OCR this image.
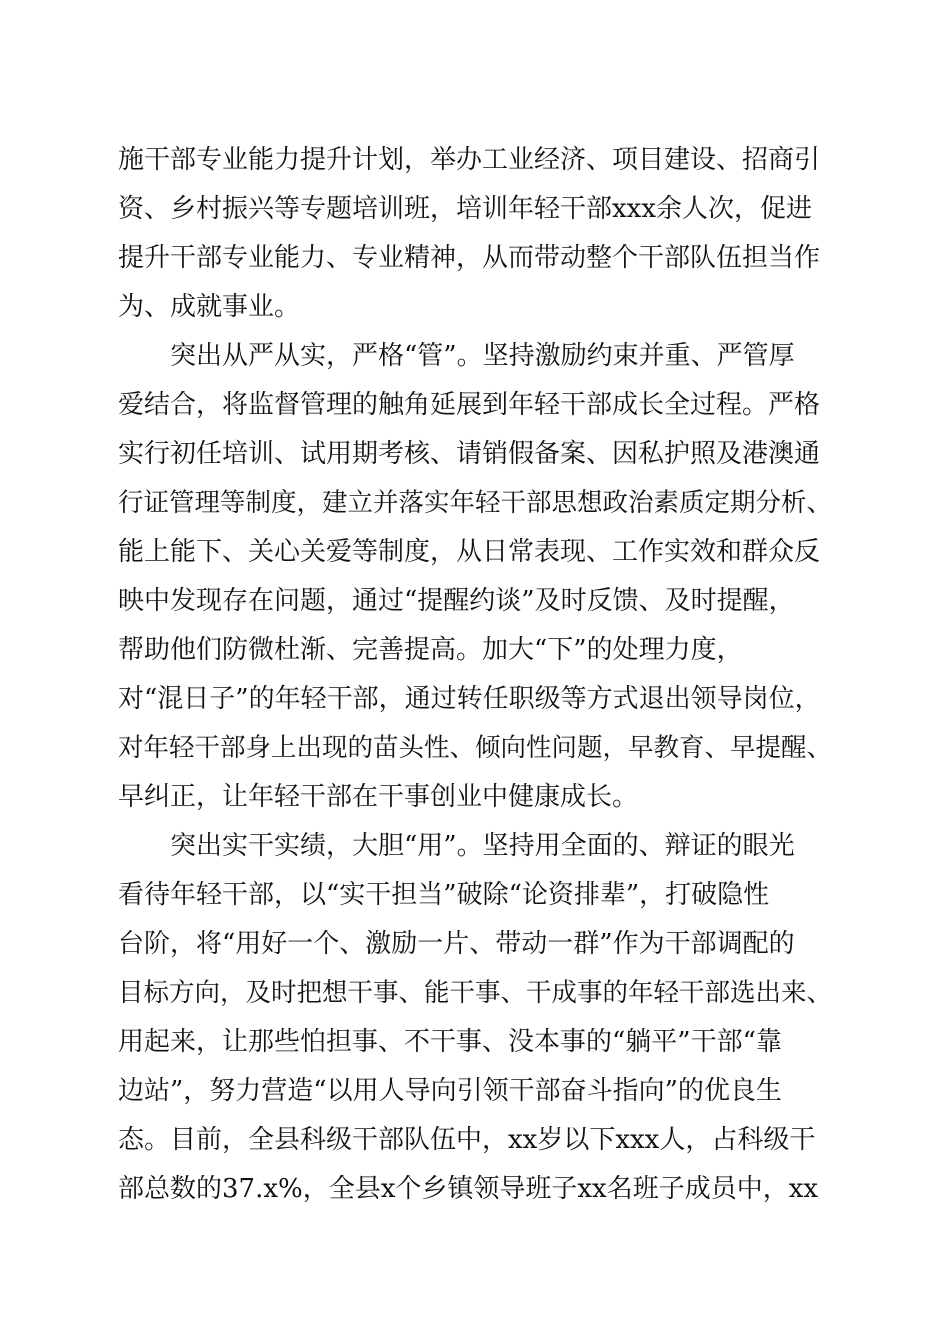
施干部专业能力提升计划，举办工业经济、项目建设、招商引
资、乡村振兴等专题培训班，培训年轻干部xxx余人次，促进
提升干部专业能力、专业精神，从而带动整个干部队伍担当作
为、成就事业。
突出从严从实，严格“管”。坚持激励约束并重、严管厚
爱结合，将监督管理的触角延展到年轻干部成长全过程。严格
实行初任培训、试用期考核、请销假备案、因私护照及港澳通
行证管理等制度，建立并落实年轻干部思想政治素质定期分析、
能上能下、关心关爱等制度，从日常表现、工作实效和群众反
映中发现存在问题，通过“提醒约谈”及时反馈、及时提醒，
帮助他们防微杜渐、完善提高。加大“下”的处理力度，
对“混日子”的年轻干部，通过转任职级等方式退出领导岗位，
对年轻干部身上出现的苗头性、倾向性问题，早教育、早提醒、
早纠正，让年轻干部在干事创业中健康成长。
突出实干实绩，大胆“用”。坚持用全面的、辩证的眼光
看待年轻干部，以“实干担当”破除“论资排辈”，打破隐性
台阶，将“用好一个、激励一片、带动一群”作为干部调配的
目标方向，及时把想干事、能干事、干成事的年轻干部选出来、
用起来，让那些怕担事、不干事、没本事的“躺平”干部“靠
边站”，努力营造“以用人导向引领干部奋斗指向”的优良生
态。目前，全县科级干部队伍中，xx岁以下xxx人，占科级干
部总数的37.x%，全县x个乡镇领导班子xx名班子成员中，xx
